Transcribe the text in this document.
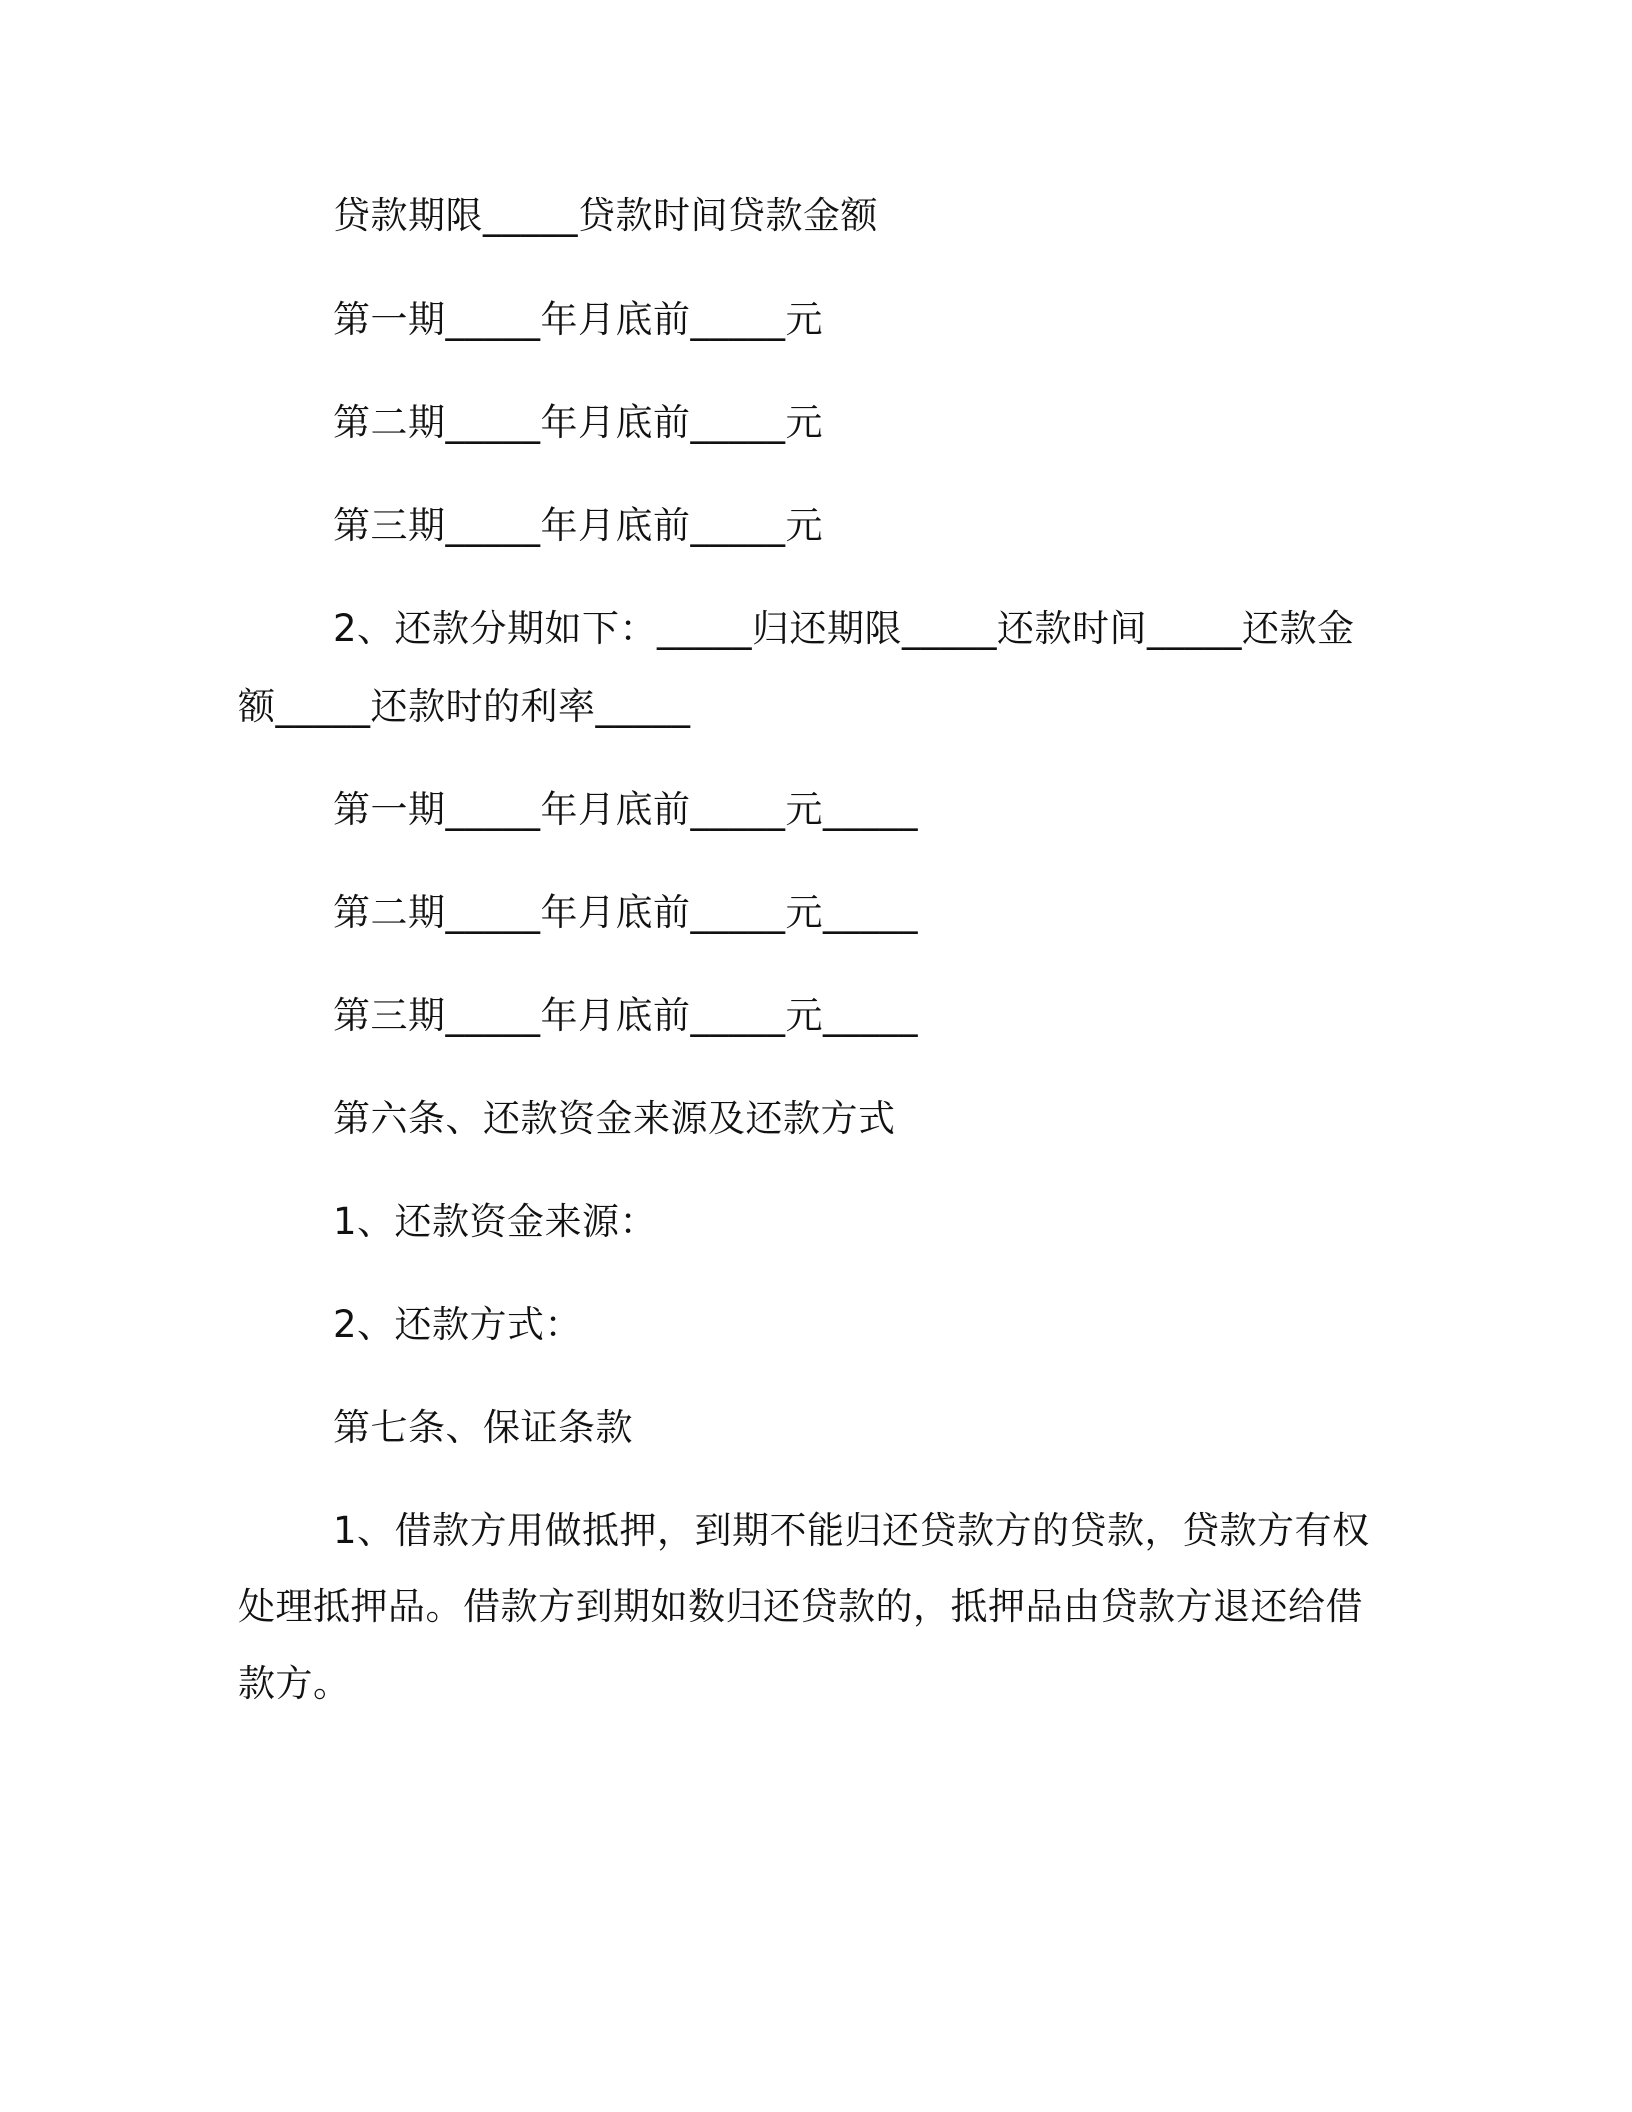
贷款期限_____贷款时间贷款金额

第一期_____年月底前_____元

第二期_____年月底前_____元

第三期_____年月底前_____元

2、还款分期如下：_____归还期限_____还款时间_____还款金

额_____还款时的利率_____

第一期_____年月底前_____元_____

第二期_____年月底前_____元_____

第三期_____年月底前_____元_____

第六条、还款资金来源及还款方式

1、还款资金来源：

2、还款方式：

第七条、保证条款

1、借款方用做抵押，到期不能归还贷款方的贷款，贷款方有权

处理抵押品。借款方到期如数归还贷款的，抵押品由贷款方退还给借

款方。
